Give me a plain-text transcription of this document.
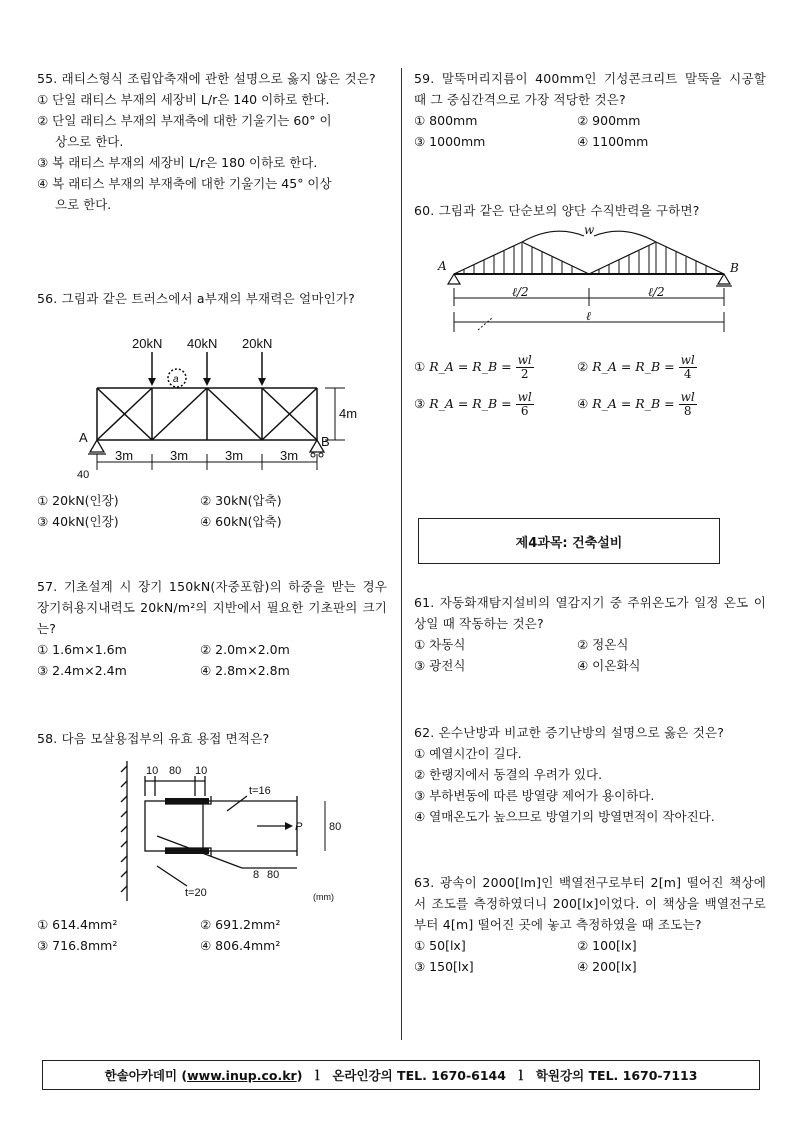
55. 래티스형식 조립압축재에 관한 설명으로 옳지 않은 것은?
① 단일 래티스 부재의 세장비 L/r은 140 이하로 한다.
② 단일 래티스 부재의 부재축에 대한 기울기는 60° 이
상으로 한다.
③ 복 래티스 부재의 세장비 L/r은 180 이하로 한다.
④ 복 래티스 부재의 부재축에 대한 기울기는 45° 이상
으로 한다.
56. 그림과 같은 트러스에서 a부재의 부재력은 얼마인가?
20kN 40kN 20kN
a
4m
A	B
3m	3m	3m	3m
40
① 20kN(인장)	② 30kN(압축)
③ 40kN(인장)	④ 60kN(압축)
57. 기초설계 시 장기 150kN(자중포함)의 하중을 받는 경우 장기허용지내력도 20kN/m²의 지반에서 필요한 기초판의 크기는?
① 1.6m×1.6m	② 2.0m×2.0m
③ 2.4m×2.4m	④ 2.8m×2.8m
58. 다음 모살용접부의 유효 용접 면적은?
10 80 10
t=16
P 80
8 80
t=20	(mm)
① 614.4mm²	② 691.2mm²
③ 716.8mm²	④ 806.4mm²
59. 말뚝머리지름이 400mm인 기성콘크리트 말뚝을 시공할 때 그 중심간격으로 가장 적당한 것은?
① 800mm	② 900mm
③ 1000mm	④ 1100mm
60. 그림과 같은 단순보의 양단 수직반력을 구하면?
w
A	B
ℓ/2	ℓ/2
ℓ
① R_A = R_B = $\frac{wl}{2}$	② R_A = R_B = $\frac{wl}{4}$
③ R_A = R_B = $\frac{wl}{6}$	④ R_A = R_B = $\frac{wl}{8}$
61. 자동화재탐지설비의 열감지기 중 주위온도가 일정 온도 이상일 때 작동하는 것은?
① 차동식	② 정온식
③ 광전식	④ 이온화식
62. 온수난방과 비교한 증기난방의 설명으로 옳은 것은?
① 예열시간이 길다.
② 한랭지에서 동결의 우려가 있다.
③ 부하변동에 따른 방열량 제어가 용이하다.
④ 열매온도가 높으므로 방열기의 방열면적이 작아진다.
63. 광속이 2000[lm]인 백열전구로부터 2[m] 떨어진 책상에서 조도를 측정하였더니 200[lx]이었다. 이 책상을 백열전구로부터 4[m] 떨어진 곳에 놓고 측정하였을 때 조도는?
① 50[lx]	② 100[lx]
③ 150[lx]	④ 200[lx]
제4과목: 건축설비
한솔아카데미 ( www.inup.co.kr )  ｌ  온라인강의 TEL. 1670-6144  ｌ  학원강의 TEL. 1670-7113
